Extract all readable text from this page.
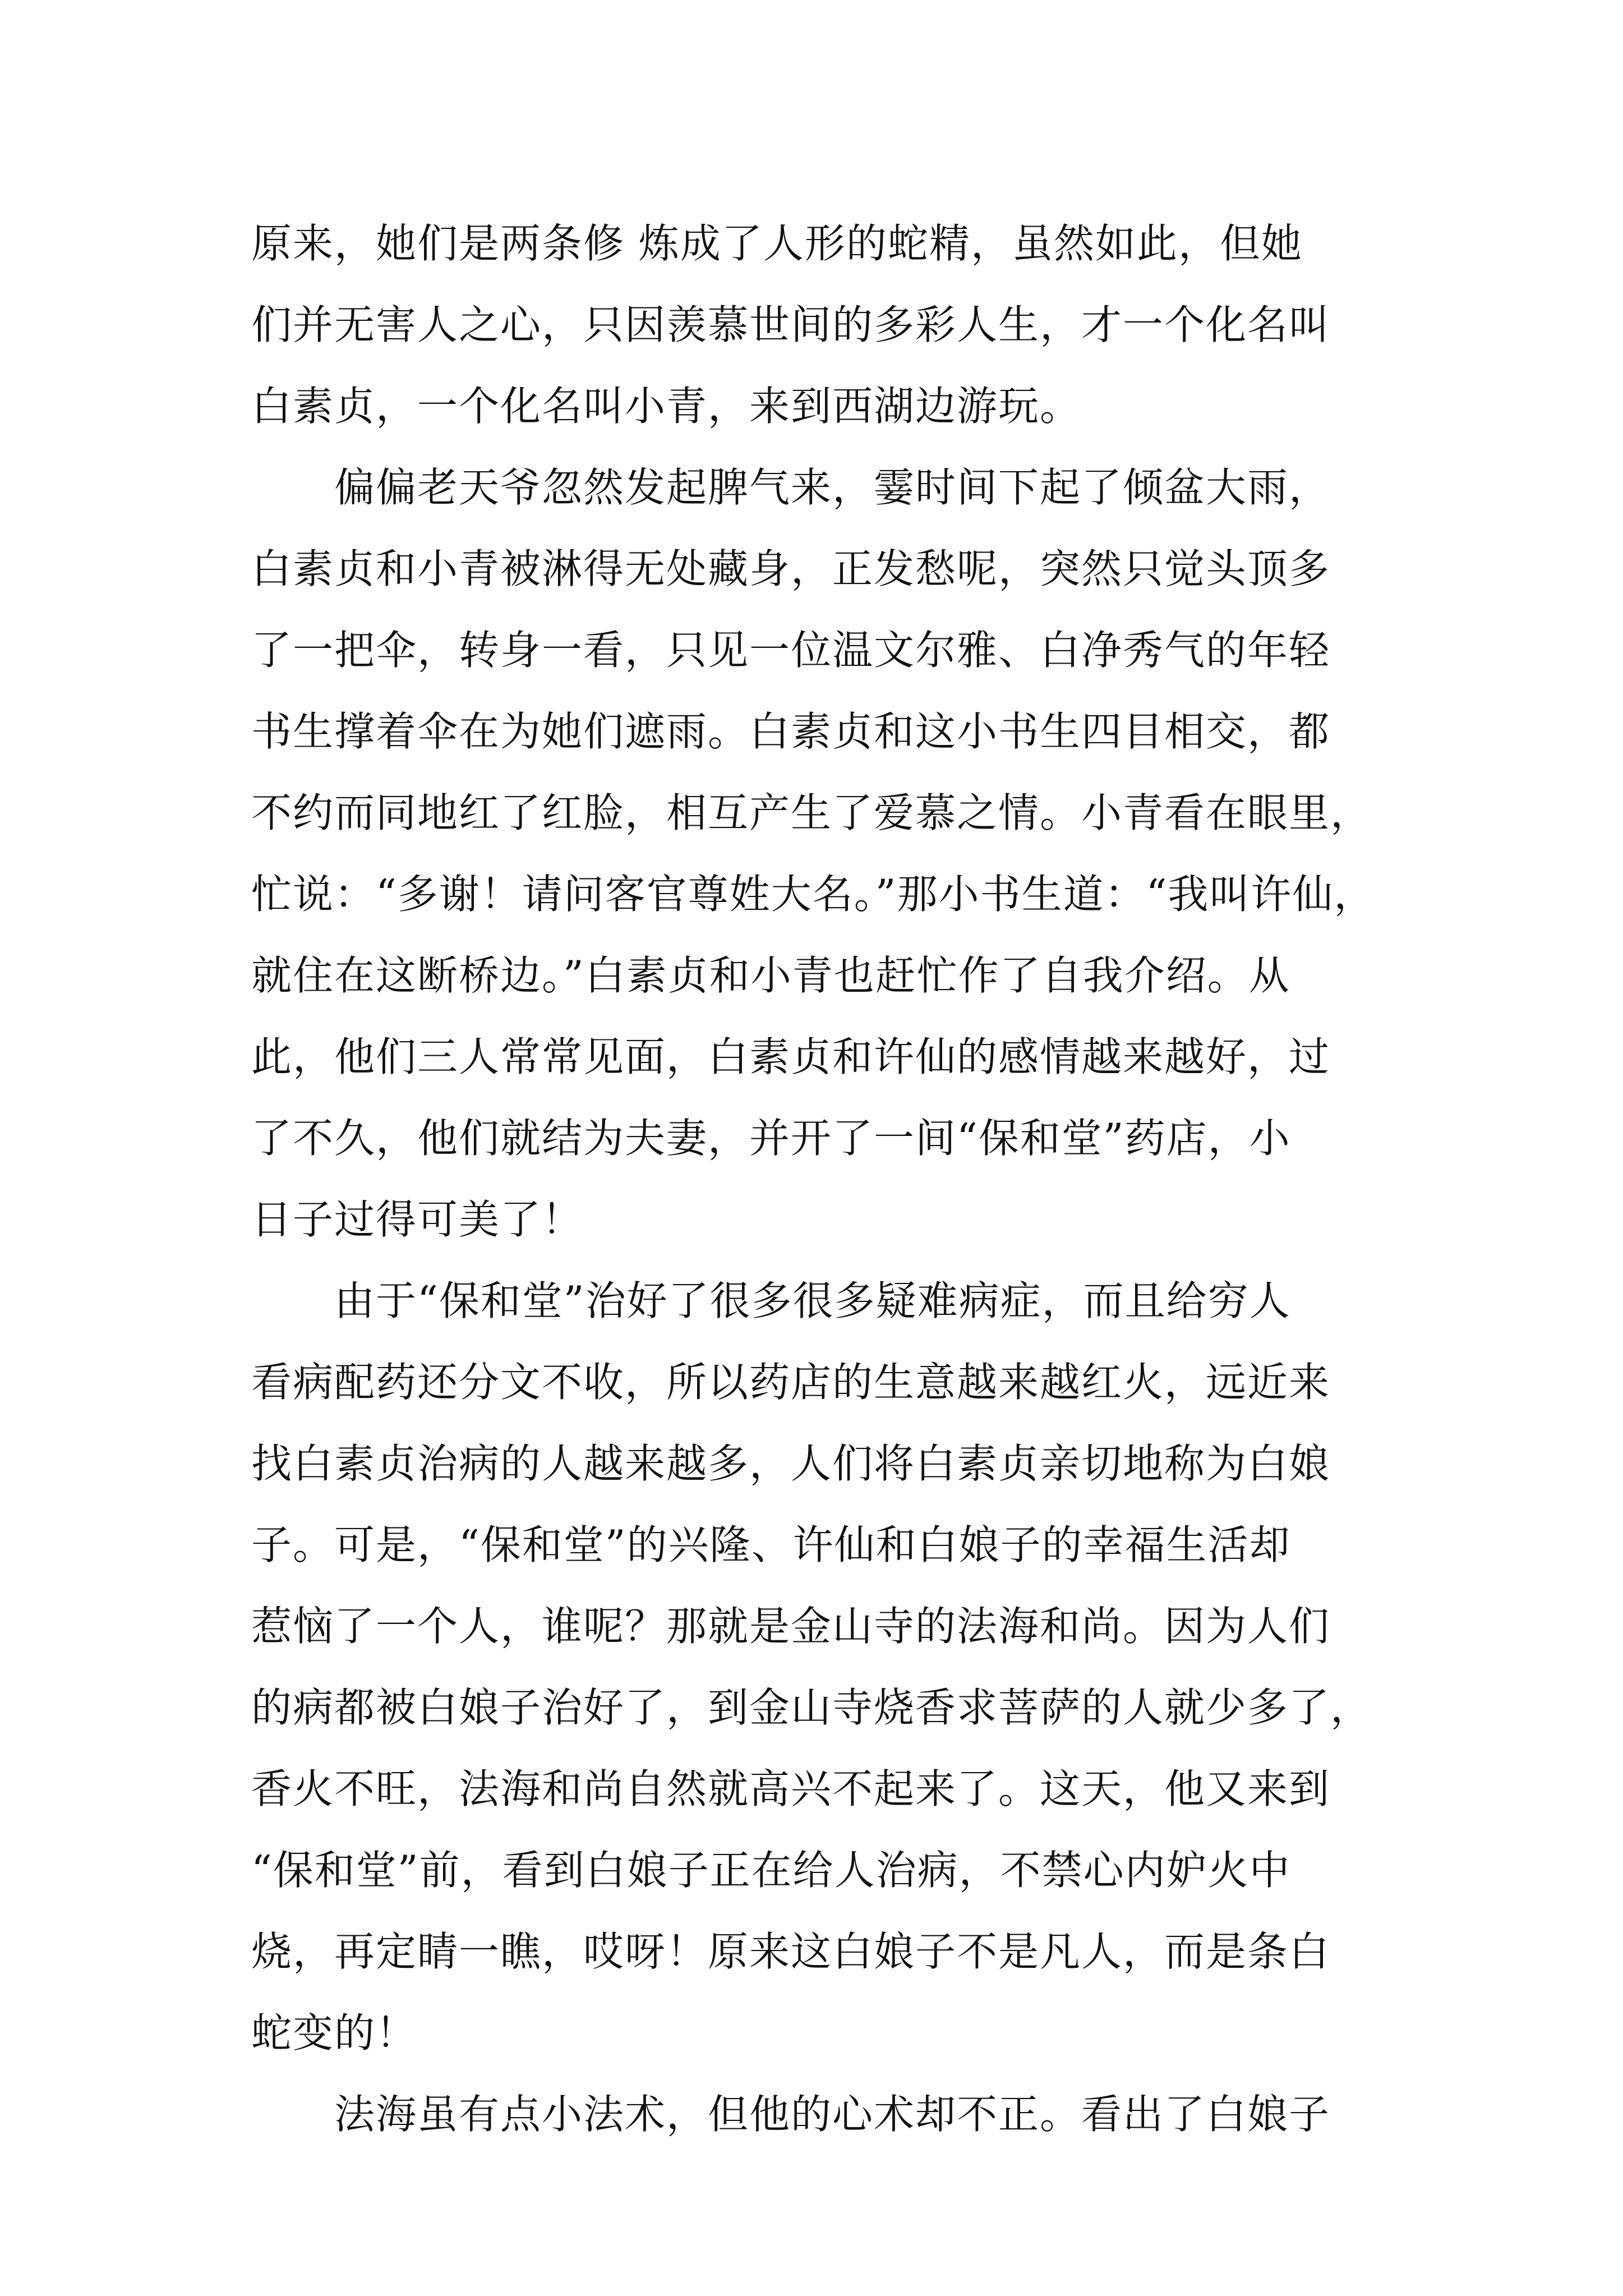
原来，她们是两条修 炼成了人形的蛇精，虽然如此，但她
们并无害人之心，只因羡慕世间的多彩人生，才一个化名叫
白素贞，一个化名叫小青，来到西湖边游玩。
偏偏老天爷忽然发起脾气来，霎时间下起了倾盆大雨，
白素贞和小青被淋得无处藏身，正发愁呢，突然只觉头顶多
了一把伞，转身一看，只见一位温文尔雅、白净秀气的年轻
书生撑着伞在为她们遮雨。白素贞和这小书生四目相交，都
不约而同地红了红脸，相互产生了爱慕之情。小青看在眼里，
忙说：“多谢！请问客官尊姓大名。”那小书生道：“我叫许仙，
就住在这断桥边。”白素贞和小青也赶忙作了自我介绍。从
此，他们三人常常见面，白素贞和许仙的感情越来越好，过
了不久，他们就结为夫妻，并开了一间“保和堂”药店，小
日子过得可美了！
由于“保和堂”治好了很多很多疑难病症，而且给穷人
看病配药还分文不收，所以药店的生意越来越红火，远近来
找白素贞治病的人越来越多，人们将白素贞亲切地称为白娘
子。可是，“保和堂”的兴隆、许仙和白娘子的幸福生活却
惹恼了一个人，谁呢？那就是金山寺的法海和尚。因为人们
的病都被白娘子治好了，到金山寺烧香求菩萨的人就少多了，
香火不旺，法海和尚自然就高兴不起来了。这天，他又来到
“保和堂”前，看到白娘子正在给人治病，不禁心内妒火中
烧，再定睛一瞧，哎呀！原来这白娘子不是凡人，而是条白
蛇变的！
法海虽有点小法术，但他的心术却不正。看出了白娘子
